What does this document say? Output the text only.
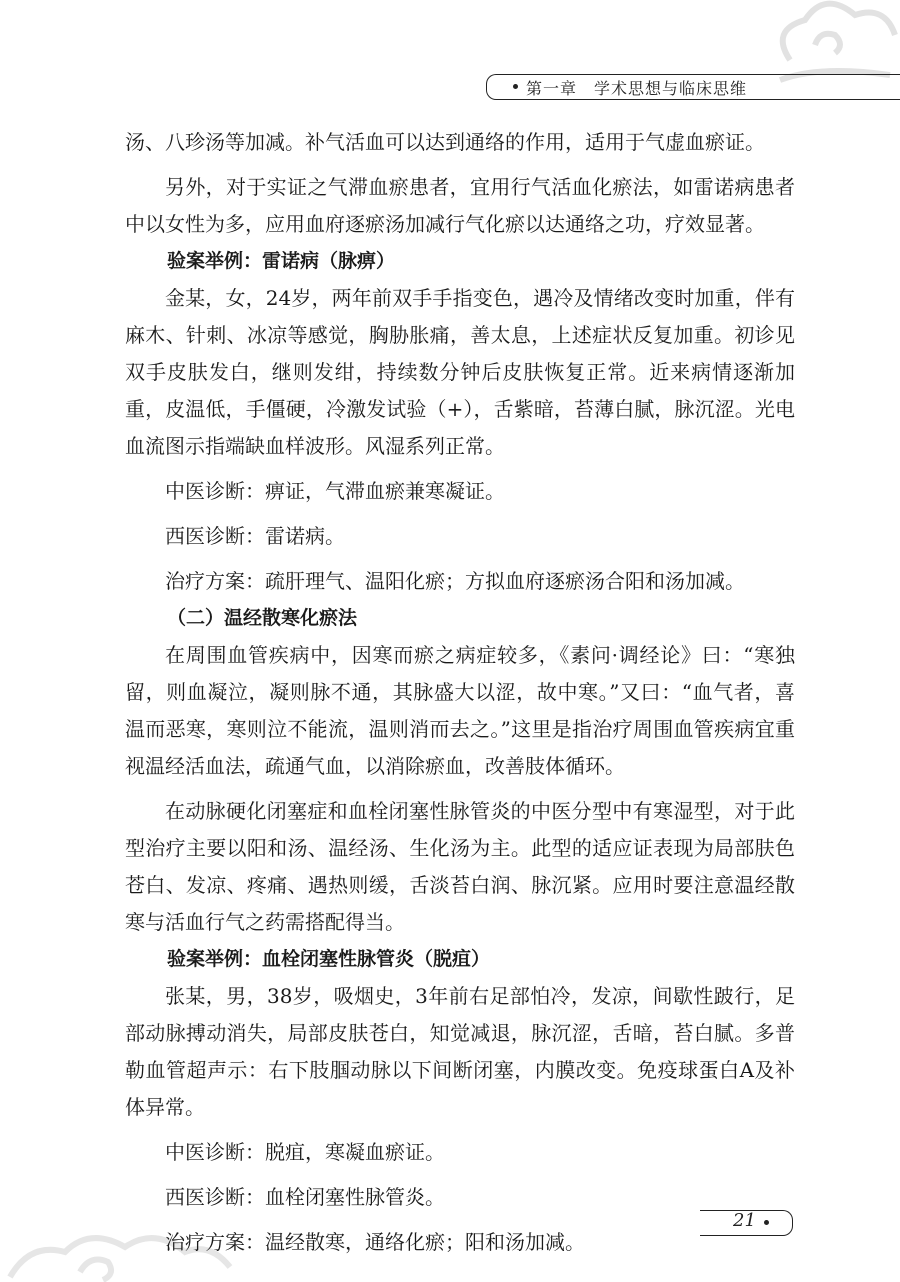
第一章　学术思想与临床思维

汤、八珍汤等加减。补气活血可以达到通络的作用，适用于气虚血瘀证。

另外，对于实证之气滞血瘀患者，宜用行气活血化瘀法，如雷诺病患者中以女性为多，应用血府逐瘀汤加减行气化瘀以达通络之功，疗效显著。

验案举例：雷诺病（脉痹）

金某，女，24岁，两年前双手手指变色，遇冷及情绪改变时加重，伴有麻木、针刺、冰凉等感觉，胸胁胀痛，善太息，上述症状反复加重。初诊见双手皮肤发白，继则发绀，持续数分钟后皮肤恢复正常。近来病情逐渐加重，皮温低，手僵硬，冷激发试验（+），舌紫暗，苔薄白腻，脉沉涩。光电血流图示指端缺血样波形。风湿系列正常。

中医诊断：痹证，气滞血瘀兼寒凝证。

西医诊断：雷诺病。

治疗方案：疏肝理气、温阳化瘀；方拟血府逐瘀汤合阳和汤加减。

（二）温经散寒化瘀法

在周围血管疾病中，因寒而瘀之病症较多，《素问·调经论》曰：“寒独留，则血凝泣，凝则脉不通，其脉盛大以涩，故中寒。”又曰：“血气者，喜温而恶寒，寒则泣不能流，温则消而去之。”这里是指治疗周围血管疾病宜重视温经活血法，疏通气血，以消除瘀血，改善肢体循环。

在动脉硬化闭塞症和血栓闭塞性脉管炎的中医分型中有寒湿型，对于此型治疗主要以阳和汤、温经汤、生化汤为主。此型的适应证表现为局部肤色苍白、发凉、疼痛、遇热则缓，舌淡苔白润、脉沉紧。应用时要注意温经散寒与活血行气之药需搭配得当。

验案举例：血栓闭塞性脉管炎（脱疽）

张某，男，38岁，吸烟史，3年前右足部怕冷，发凉，间歇性跛行，足部动脉搏动消失，局部皮肤苍白，知觉减退，脉沉涩，舌暗，苔白腻。多普勒血管超声示：右下肢腘动脉以下间断闭塞，内膜改变。免疫球蛋白A及补体异常。

中医诊断：脱疽，寒凝血瘀证。

西医诊断：血栓闭塞性脉管炎。

治疗方案：温经散寒，通络化瘀；阳和汤加减。

21
